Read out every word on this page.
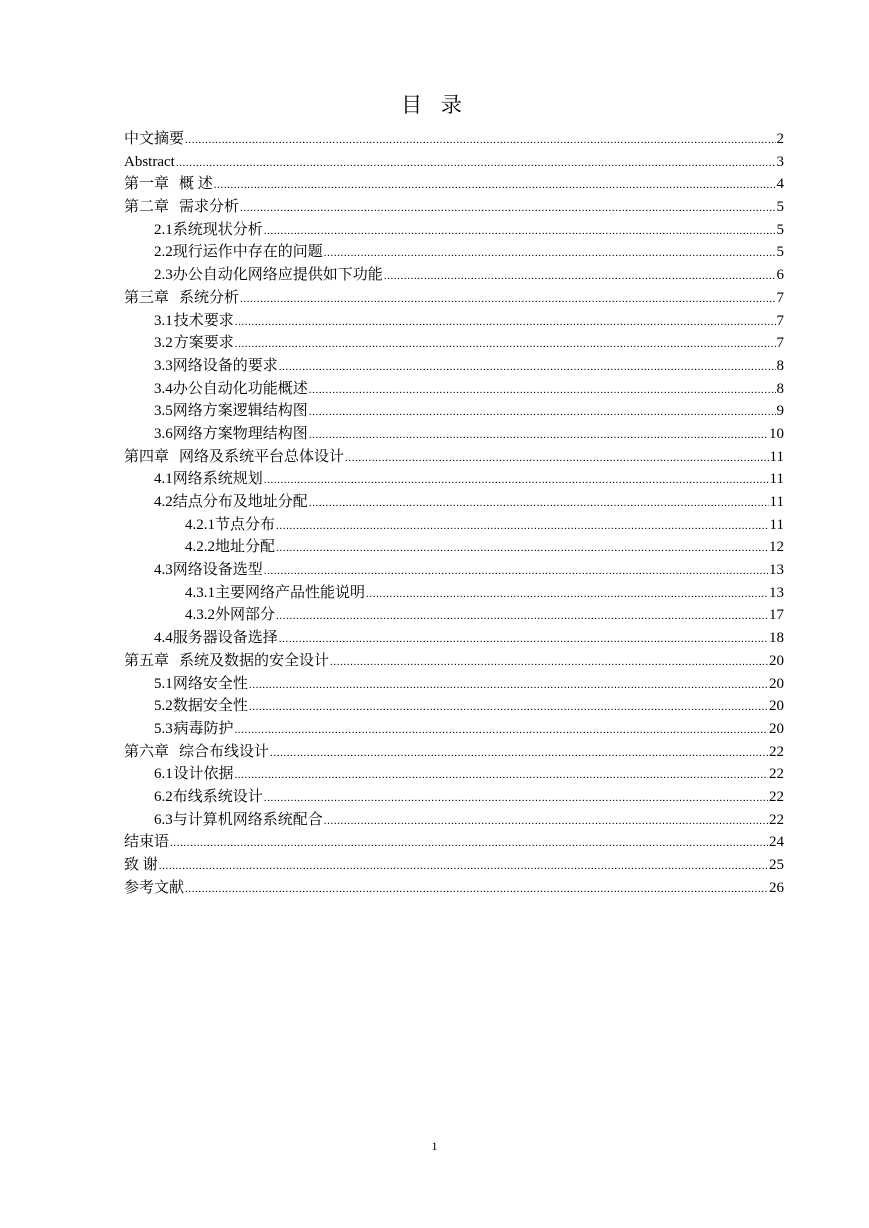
目 录
中文摘要 .....	2
Abstract .....	3
第一章 概 述 .....	4
第二章 需求分析 .....	5
2.1 系统现状分析 .....	5
2.2 现行运作中存在的问题 .....	5
2.3 办公自动化网络应提供如下功能 .....	6
第三章 系统分析 .....	7
3.1 技术要求 .....	7
3.2 方案要求 .....	7
3.3 网络设备的要求 .....	8
3.4 办公自动化功能概述 .....	8
3.5 网络方案逻辑结构图 .....	9
3.6 网络方案物理结构图 .....	10
第四章 网络及系统平台总体设计 .....	11
4.1 网络系统规划 .....	11
4.2 结点分布及地址分配 .....	11
4.2.1 节点分布 .....	11
4.2.2 地址分配 .....	12
4.3 网络设备选型 .....	13
4.3.1 主要网络产品性能说明 .....	13
4.3.2 外网部分 .....	17
4.4 服务器设备选择 .....	18
第五章 系统及数据的安全设计 .....	20
5.1 网络安全性 .....	20
5.2 数据安全性 .....	20
5.3 病毒防护 .....	20
第六章 综合布线设计 .....	22
6.1 设计依据 .....	22
6.2 布线系统设计 .....	22
6.3 与计算机网络系统配合 .....	22
结束语 .....	24
致 谢 .....	25
参考文献 .....	26
1
